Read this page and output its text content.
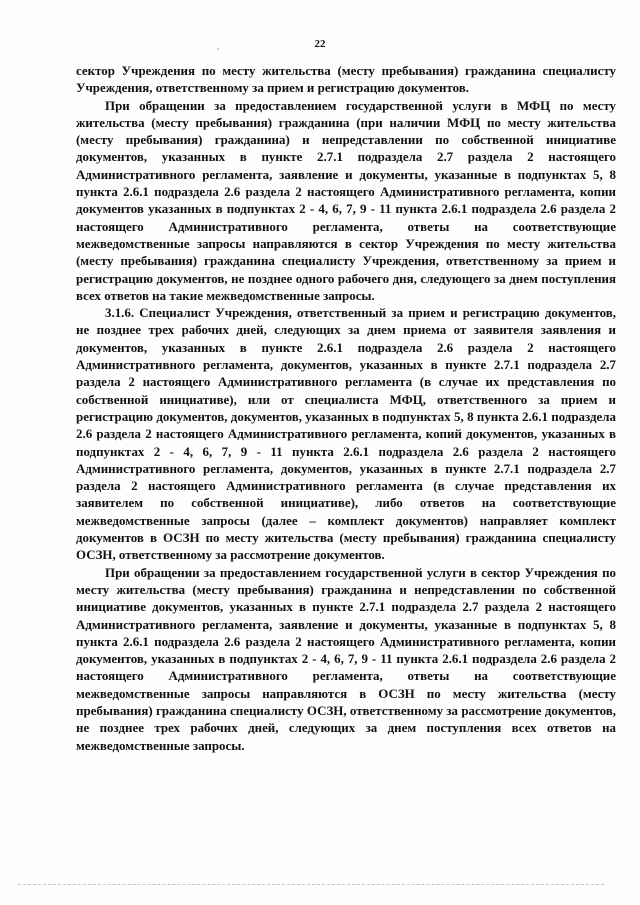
22

сектор Учреждения по месту жительства (месту пребывания) гражданина специалисту Учреждения, ответственному за прием и регистрацию документов.

При обращении за предоставлением государственной услуги в МФЦ по месту жительства (месту пребывания) гражданина (при наличии МФЦ по месту жительства (месту пребывания) гражданина) и непредставлении по собственной инициативе документов, указанных в пункте 2.7.1 подраздела 2.7 раздела 2 настоящего Административного регламента, заявление и документы, указанные в подпунктах 5, 8 пункта 2.6.1 подраздела 2.6 раздела 2 настоящего Административного регламента, копии документов указанных в подпунктах 2 - 4, 6, 7, 9 - 11 пункта 2.6.1 подраздела 2.6 раздела 2 настоящего Административного регламента, ответы на соответствующие межведомственные запросы направляются в сектор Учреждения по месту жительства (месту пребывания) гражданина специалисту Учреждения, ответственному за прием и регистрацию документов, не позднее одного рабочего дня, следующего за днем поступления всех ответов на такие межведомственные запросы.

3.1.6. Специалист Учреждения, ответственный за прием и регистрацию документов, не позднее трех рабочих дней, следующих за днем приема от заявителя заявления и документов, указанных в пункте 2.6.1 подраздела 2.6 раздела 2 настоящего Административного регламента, документов, указанных в пункте 2.7.1 подраздела 2.7 раздела 2 настоящего Административного регламента (в случае их представления по собственной инициативе), или от специалиста МФЦ, ответственного за прием и регистрацию документов, документов, указанных в подпунктах 5, 8 пункта 2.6.1 подраздела 2.6 раздела 2 настоящего Административного регламента, копий документов, указанных в подпунктах 2 - 4, 6, 7, 9 - 11 пункта 2.6.1 подраздела 2.6 раздела 2 настоящего Административного регламента, документов, указанных в пункте 2.7.1 подраздела 2.7 раздела 2 настоящего Административного регламента (в случае представления их заявителем по собственной инициативе), либо ответов на соответствующие межведомственные запросы (далее – комплект документов) направляет комплект документов в ОСЗН по месту жительства (месту пребывания) гражданина специалисту ОСЗН, ответственному за рассмотрение документов.

При обращении за предоставлением государственной услуги в сектор Учреждения по месту жительства (месту пребывания) гражданина и непредставлении по собственной инициативе документов, указанных в пункте 2.7.1 подраздела 2.7 раздела 2 настоящего Административного регламента, заявление и документы, указанные в подпунктах 5, 8 пункта 2.6.1 подраздела 2.6 раздела 2 настоящего Административного регламента, копии документов, указанных в подпунктах 2 - 4, 6, 7, 9 - 11 пункта 2.6.1 подраздела 2.6 раздела 2 настоящего Административного регламента, ответы на соответствующие межведомственные запросы направляются в ОСЗН по месту жительства (месту пребывания) гражданина специалисту ОСЗН, ответственному за рассмотрение документов, не позднее трех рабочих дней, следующих за днем поступления всех ответов на межведомственные запросы.
